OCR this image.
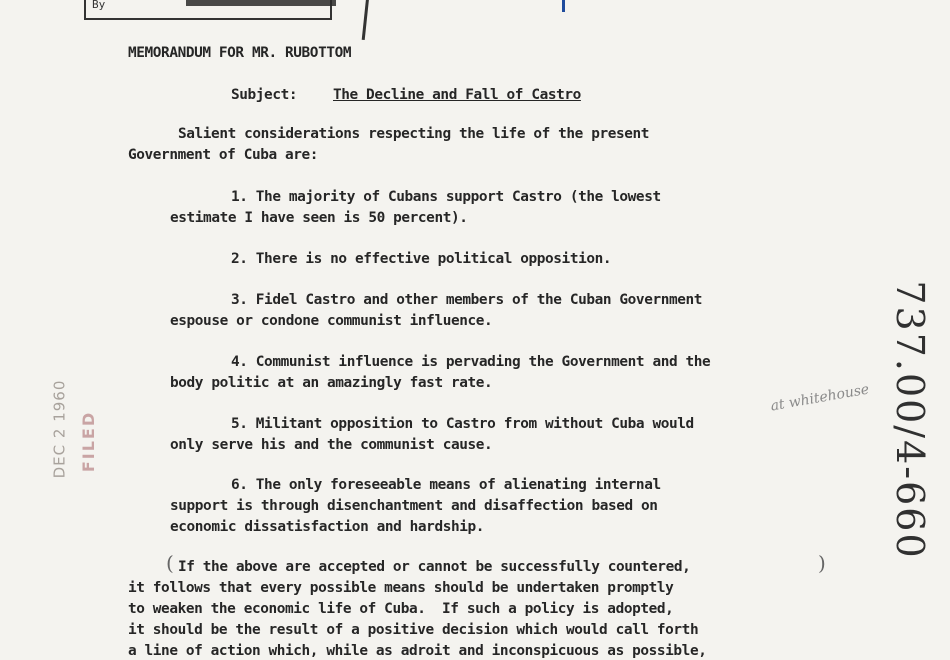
By

MEMORANDUM FOR MR. RUBOTTOM

Subject: The Decline and Fall of Castro

Salient considerations respecting the life of the present

Government of Cuba are:

1. The majority of Cubans support Castro (the lowest

estimate I have seen is 50 percent).

2. There is no effective political opposition.

3. Fidel Castro and other members of the Cuban Government

espouse or condone communist influence.

4. Communist influence is pervading the Government and the

body politic at an amazingly fast rate.

5. Militant opposition to Castro from without Cuba would

only serve his and the communist cause.

6. The only foreseeable means of alienating internal

support is through disenchantment and disaffection based on

economic dissatisfaction and hardship.

If the above are accepted or cannot be successfully countered,

it follows that every possible means should be undertaken promptly

to weaken the economic life of Cuba.  If such a policy is adopted,

it should be the result of a positive decision which would call forth

a line of action which, while as adroit and inconspicuous as possible,

(	)
at whitehouse 737.00/4-660
DEC 2 1960 FILED
